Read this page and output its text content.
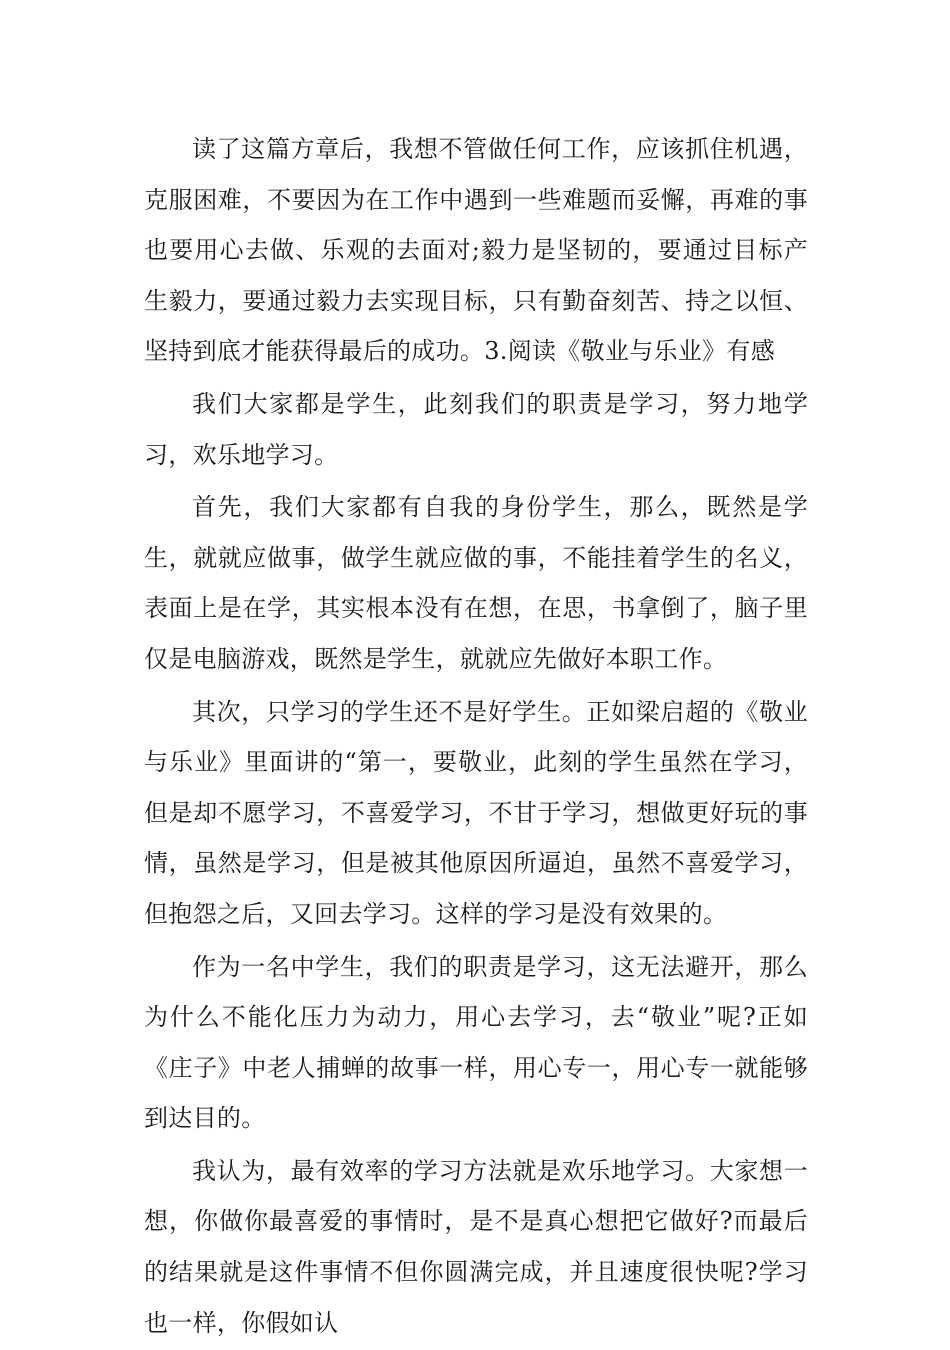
读了这篇方章后，我想不管做任何工作，应该抓住机遇，克服困难，不要因为在工作中遇到一些难题而妥懈，再难的事也要用心去做、乐观的去面对;毅力是坚韧的，要通过目标产生毅力，要通过毅力去实现目标，只有勤奋刻苦、持之以恒、坚持到底才能获得最后的成功。3.阅读《敬业与乐业》有感

我们大家都是学生，此刻我们的职责是学习，努力地学习，欢乐地学习。

首先，我们大家都有自我的身份学生，那么，既然是学生，就就应做事，做学生就应做的事，不能挂着学生的名义，表面上是在学，其实根本没有在想，在思，书拿倒了，脑子里仅是电脑游戏，既然是学生，就就应先做好本职工作。

其次，只学习的学生还不是好学生。正如梁启超的《敬业与乐业》里面讲的“第一，要敬业，此刻的学生虽然在学习，但是却不愿学习，不喜爱学习，不甘于学习，想做更好玩的事情，虽然是学习，但是被其他原因所逼迫，虽然不喜爱学习，但抱怨之后，又回去学习。这样的学习是没有效果的。

作为一名中学生，我们的职责是学习，这无法避开，那么为什么不能化压力为动力，用心去学习，去“敬业”呢?正如《庄子》中老人捕蝉的故事一样，用心专一，用心专一就能够到达目的。

我认为，最有效率的学习方法就是欢乐地学习。大家想一想，你做你最喜爱的事情时，是不是真心想把它做好?而最后的结果就是这件事情不但你圆满完成，并且速度很快呢?学习也一样，你假如认
